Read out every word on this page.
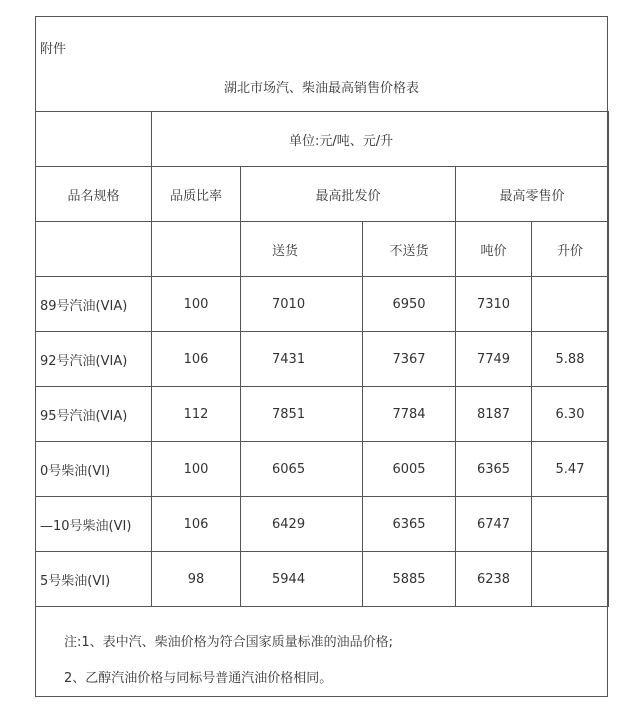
附件
湖北市场汽、柴油最高销售价格表
	单位:元/吨、元/升				
品名规格	品质比率	最高批发价		最高零售价	
		送货	不送货	吨价	升价
89号汽油(VIA)	100	7010	6950	7310	
92号汽油(VIA)	106	7431	7367	7749	5.88
95号汽油(VIA)	112	7851	7784	8187	6.30
0号柴油(VI)	100	6065	6005	6365	5.47
—10号柴油(VI)	106	6429	6365	6747	
5号柴油(VI)	98	5944	5885	6238	
注:1、表中汽、柴油价格为符合国家质量标准的油品价格;
2、乙醇汽油价格与同标号普通汽油价格相同。
